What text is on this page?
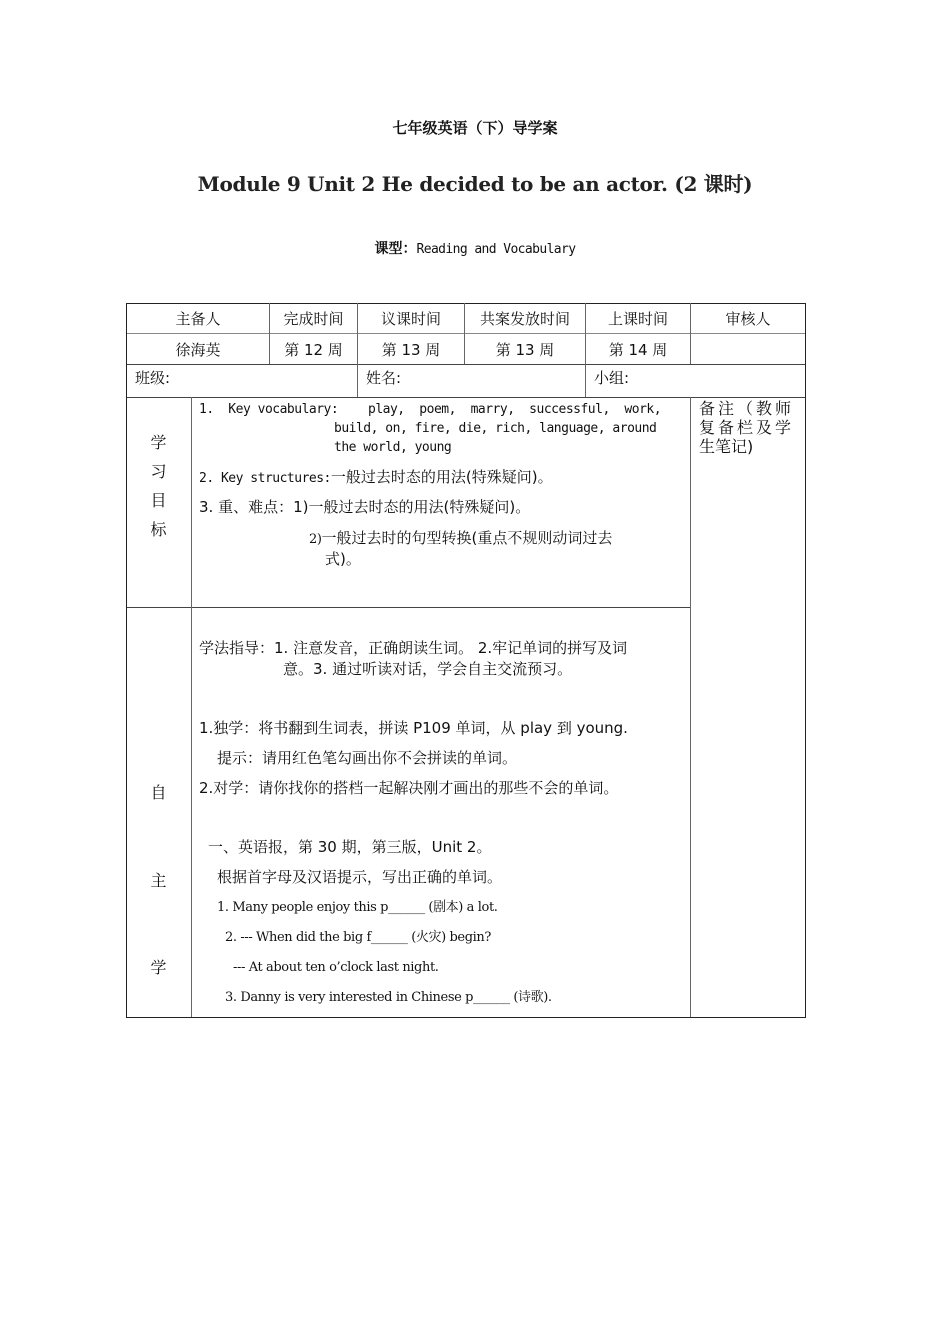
七年级英语（下）导学案
Module 9 Unit 2 He decided to be an actor. (2 课时)
课型：Reading and Vocabulary
主备人	完成时间	议课时间	共案发放时间	上课时间	审核人
徐海英	第 12 周	第 13 周	第 13 周	第 14 周
班级:	姓名:	小组:
学
习
目
标
1.  Key vocabulary: play,  poem,  marry,  successful,  work,
build, on, fire, die, rich, language, around
the world, young
2. Key structures:一般过去时态的用法(特殊疑问)。
3. 重、难点：1)一般过去时态的用法(特殊疑问)。
2)一般过去时的句型转换(重点不规则动词过去
式)。
备注（教师
复备栏及学
生笔记)
自
主
学
学法指导：1. 注意发音，正确朗读生词。 2.牢记单词的拼写及词
意。3. 通过听读对话，学会自主交流预习。
1.独学：将书翻到生词表，拼读 P109 单词，从 play 到 young.
提示：请用红色笔勾画出你不会拼读的单词。
2.对学：请你找你的搭档一起解决刚才画出的那些不会的单词。
一、英语报，第 30 期，第三版，Unit 2。
根据首字母及汉语提示，写出正确的单词。
1. Many people enjoy this p______ (剧本) a lot.
2. --- When did the big f______ (火灾) begin?
--- At about ten o’clock last night.
3. Danny is very interested in Chinese p______ (诗歌).
